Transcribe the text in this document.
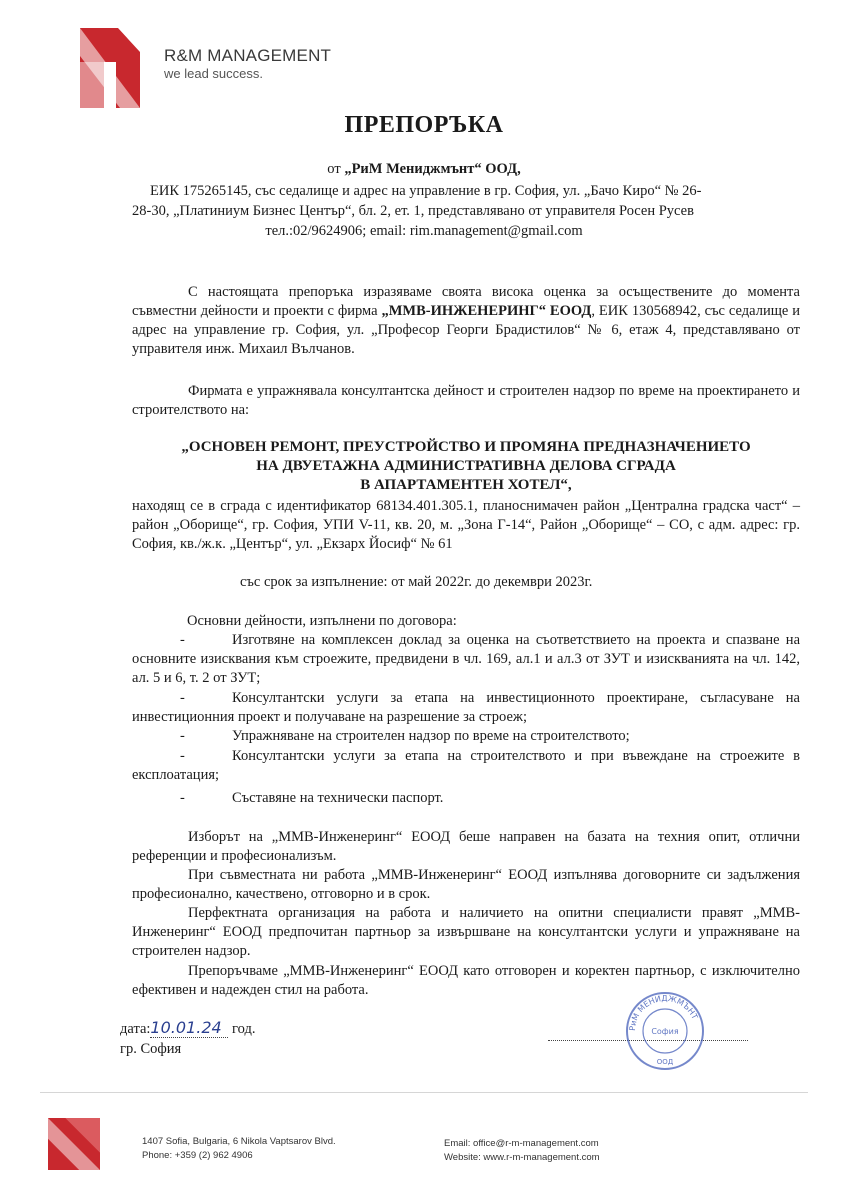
R&M MANAGEMENT
we lead success.
ПРЕПОРЪКА
от „РиМ Мениджмънт“ ООД,
ЕИК 175265145, със седалище и адрес на управление в гр. София, ул. „Бачо Киро“ № 26-
28-30, „Платиниум Бизнес Център“, бл. 2, ет. 1, представлявано от управителя Росен Русев
тел.:02/9624906; email: rim.management@gmail.com
С настоящата препоръка изразяваме своята висока оценка за осъществените до момента съвместни дейности и проекти с фирма „ММВ-ИНЖЕНЕРИНГ“ ЕООД, ЕИК 130568942, със седалище и адрес на управление гр. София, ул. „Професор Георги Брадистилов“ № 6, етаж 4, представлявано от управителя инж. Михаил Вълчанов.
Фирмата е упражнявала консултантска дейност и строителен надзор по време на проектирането и строителството на:
„ОСНОВЕН РЕМОНТ, ПРЕУСТРОЙСТВО И ПРОМЯНА ПРЕДНАЗНАЧЕНИЕТО
НА ДВУЕТАЖНА АДМИНИСТРАТИВНА ДЕЛОВА СГРАДА
В АПАРТАМЕНТЕН ХОТЕЛ“,
находящ се в сграда с идентификатор 68134.401.305.1, планоснимачен район „Централна градска част“ – район „Оборище“, гр. София, УПИ V-11, кв. 20, м. „Зона Г-14“, Район „Оборище“ – СО, с адм. адрес: гр. София, кв./ж.к. „Център“, ул. „Екзарх Йосиф“ № 61
със срок за изпълнение: от май 2022г. до декември 2023г.
Основни дейности, изпълнени по договора:
-	Изготвяне на комплексен доклад за оценка на съответствието на проекта и спазване на основните изисквания към строежите, предвидени в чл. 169, ал.1 и ал.3 от ЗУТ и изискванията на чл. 142, ал. 5 и 6, т. 2 от ЗУТ;
-	Консултантски услуги за етапа на инвестиционното проектиране, съгласуване на инвестиционния проект и получаване на разрешение за строеж;
-	Упражняване на строителен надзор по време на строителството;
-	Консултантски услуги за етапа на строителството и при въвеждане на строежите в експлоатация;
-	Съставяне на технически паспорт.
Изборът на „ММВ-Инженеринг“ ЕООД беше направен на базата на техния опит, отлични референции и професионализъм.
При съвместната ни работа „ММВ-Инженеринг“ ЕООД изпълнява договорните си задължения професионално, качествено, отговорно и в срок.
Перфектната организация на работа и наличието на опитни специалисти правят „ММВ-Инженеринг“ ЕООД предпочитан партньор за извършване на консултантски услуги и упражняване на строителен надзор.
Препоръчваме „ММВ-Инженеринг“ ЕООД като отговорен и коректен партньор, с изключително ефективен и надежден стил на работа.
дата:10.01.24 год.
гр. София
РиМ МЕНИДЖМЪНТ
София
ООД
1407 Sofia, Bulgaria, 6 Nikola Vaptsarov Blvd.
Phone: +359 (2) 962 4906
Email: office@r-m-management.com
Website: www.r-m-management.com
